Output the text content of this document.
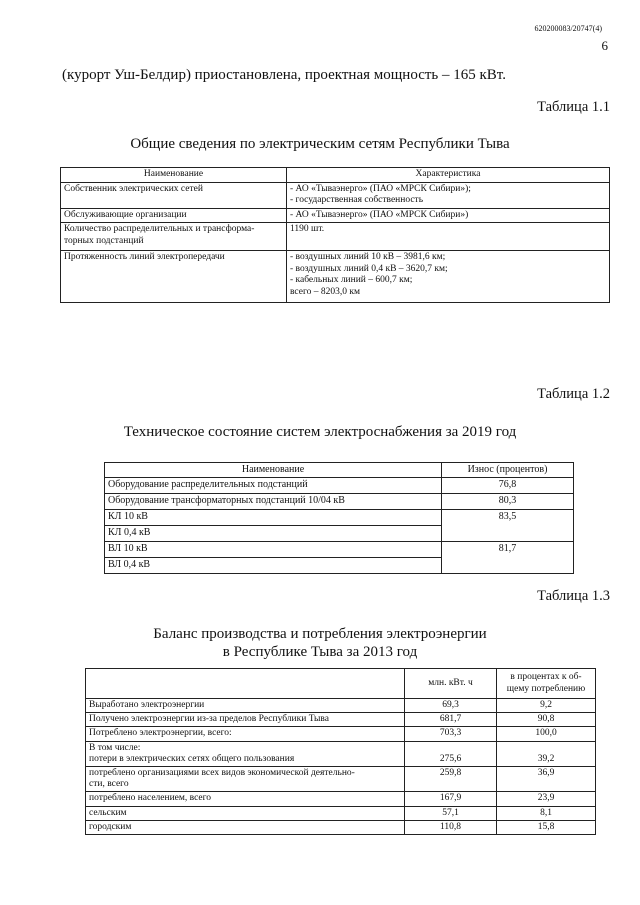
620200083/20747(4)
6
(курорт Уш-Белдир) приостановлена, проектная мощность – 165 кВт.
Таблица 1.1
Общие сведения по электрическим сетям Республики Тыва
Наименование	Характеристика

Собственник электрических сетей	- АО «Тываэнерго» (ПАО «МРСК Сибири»);
- государственная собственность

Обслуживающие организации	- АО «Тываэнерго» (ПАО «МРСК Сибири»)

Количество распределительных и трансформа-
торных подстанций	1190 шт.

Протяженность линий электропередачи	- воздушных линий 10 кВ – 3981,6 км;
- воздушных линий 0,4 кВ – 3620,7 км;
- кабельных линий – 600,7 км;
всего – 8203,0 км
Таблица 1.2
Техническое состояние систем электроснабжения за 2019 год
Наименование	Износ (процентов)
Оборудование распределительных подстанций	76,8
Оборудование трансформаторных подстанций 10/04 кВ	80,3
КЛ 10 кВ	83,5
КЛ 0,4 кВ	
ВЛ 10 кВ	81,7
ВЛ 0,4 кВ	
Таблица 1.3
Баланс производства и потребления электроэнергии
в Республике Тыва за 2013 год
	млн. кВт. ч	в процентах к об-
щему потреблению

Выработано электроэнергии	69,3	9,2

Получено электроэнергии из-за пределов Республики Тыва	681,7	90,8

Потреблено электроэнергии, всего:	703,3	100,0

В том числе:
потери в электрических сетях общего пользования	275,6	39,2

потреблено организациями всех видов экономической деятельно-
сти, всего	259,8	36,9

потреблено населением, всего	167,9	23,9

сельским	57,1	8,1

городским	110,8	15,8
